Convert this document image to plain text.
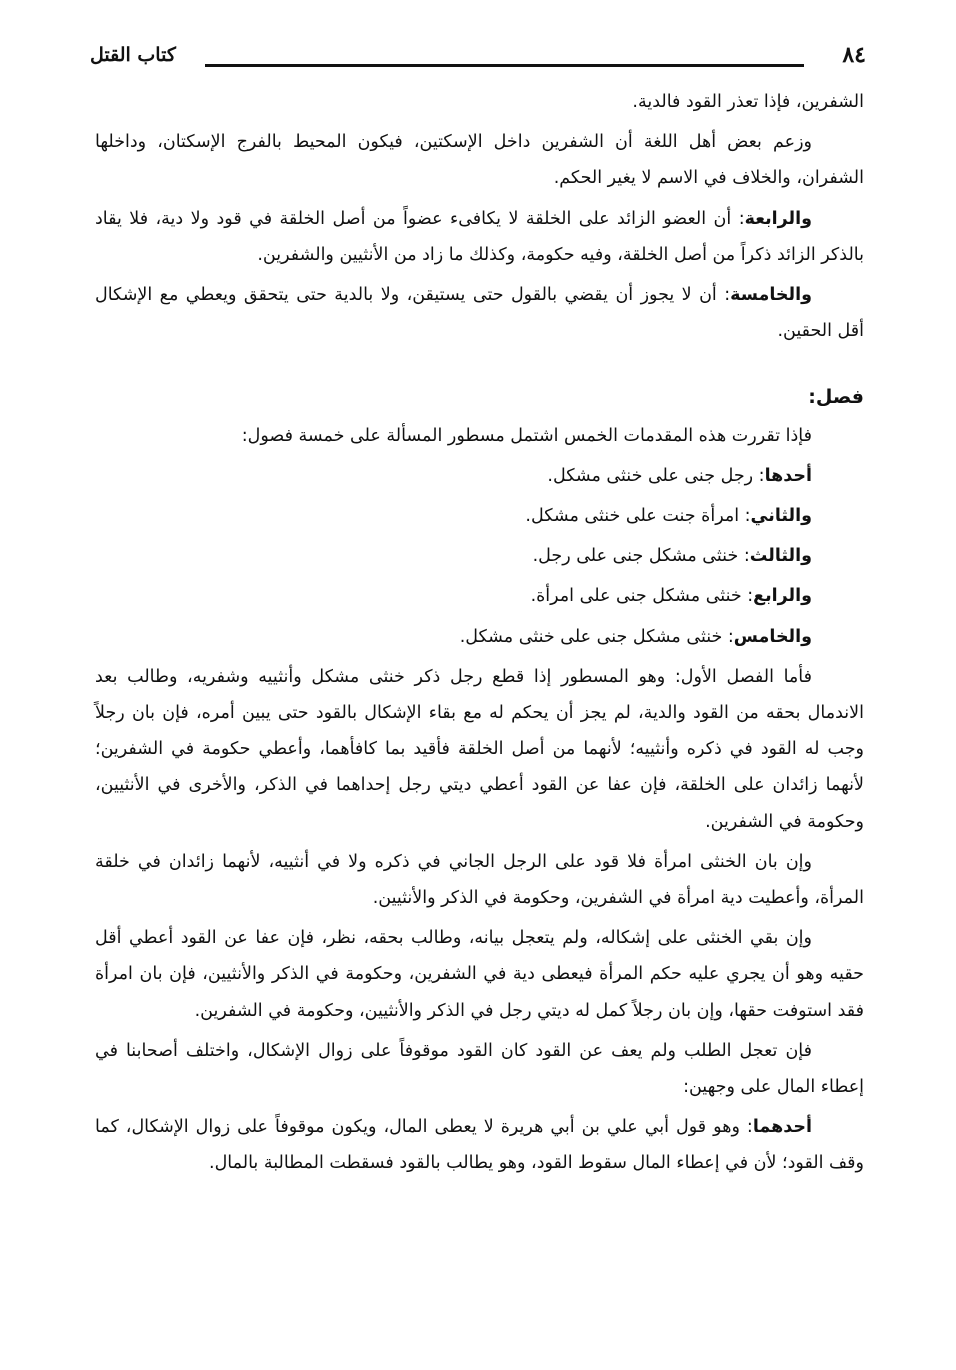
٨٤
كتاب القتل

الشفرين، فإذا تعذر القود فالدية.

وزعم بعض أهل اللغة أن الشفرين داخل الإسكتين، فيكون المحيط بالفرج الإسكتان، وداخلها الشفران، والخلاف في الاسم لا يغير الحكم.

والرابعة: أن العضو الزائد على الخلقة لا يكافىء عضواً من أصل الخلقة في قود ولا دية، فلا يقاد بالذكر الزائد ذكراً من أصل الخلقة، وفيه حكومة، وكذلك ما زاد من الأنثيين والشفرين.

والخامسة: أن لا يجوز أن يقضي بالقول حتى يستيقن، ولا بالدية حتى يتحقق ويعطي مع الإشكال أقل الحقين.

فصل:

فإذا تقررت هذه المقدمات الخمس اشتمل مسطور المسألة على خمسة فصول:

أحدها: رجل جنى على خنثى مشكل.

والثاني: امرأة جنت على خنثى مشكل.

والثالث: خنثى مشكل جنى على رجل.

والرابع: خنثى مشكل جنى على امرأة.

والخامس: خنثى مشكل جنى على خنثى مشكل.

فأما الفصل الأول: وهو المسطور إذا قطع رجل ذكر خنثى مشكل وأنثييه وشفريه، وطالب بعد الاندمال بحقه من القود والدية، لم يجز أن يحكم له مع بقاء الإشكال بالقود حتى يبين أمره، فإن بان رجلاً وجب له القود في ذكره وأنثييه؛ لأنهما من أصل الخلقة فأقيد بما كافأهما، وأعطي حكومة في الشفرين؛ لأنهما زائدان على الخلقة، فإن عفا عن القود أعطي ديتي رجل إحداهما في الذكر، والأخرى في الأنثيين، وحكومة في الشفرين.

وإن بان الخنثى امرأة فلا قود على الرجل الجاني في ذكره ولا في أنثييه، لأنهما زائدان في خلقة المرأة، وأعطيت دية امرأة في الشفرين، وحكومة في الذكر والأنثيين.

وإن بقي الخنثى على إشكاله، ولم يتعجل بيانه، وطالب بحقه، نظر، فإن عفا عن القود أعطي أقل حقيه وهو أن يجري عليه حكم المرأة فيعطى دية في الشفرين، وحكومة في الذكر والأنثيين، فإن بان امرأة فقد استوفت حقها، وإن بان رجلاً كمل له ديتي رجل في الذكر والأنثيين، وحكومة في الشفرين.

فإن تعجل الطلب ولم يعف عن القود كان القود موقوفاً على زوال الإشكال، واختلف أصحابنا في إعطاء المال على وجهين:

أحدهما: وهو قول أبي علي بن أبي هريرة لا يعطى المال، ويكون موقوفاً على زوال الإشكال، كما وقف القود؛ لأن في إعطاء المال سقوط القود، وهو يطالب بالقود فسقطت المطالبة بالمال.
